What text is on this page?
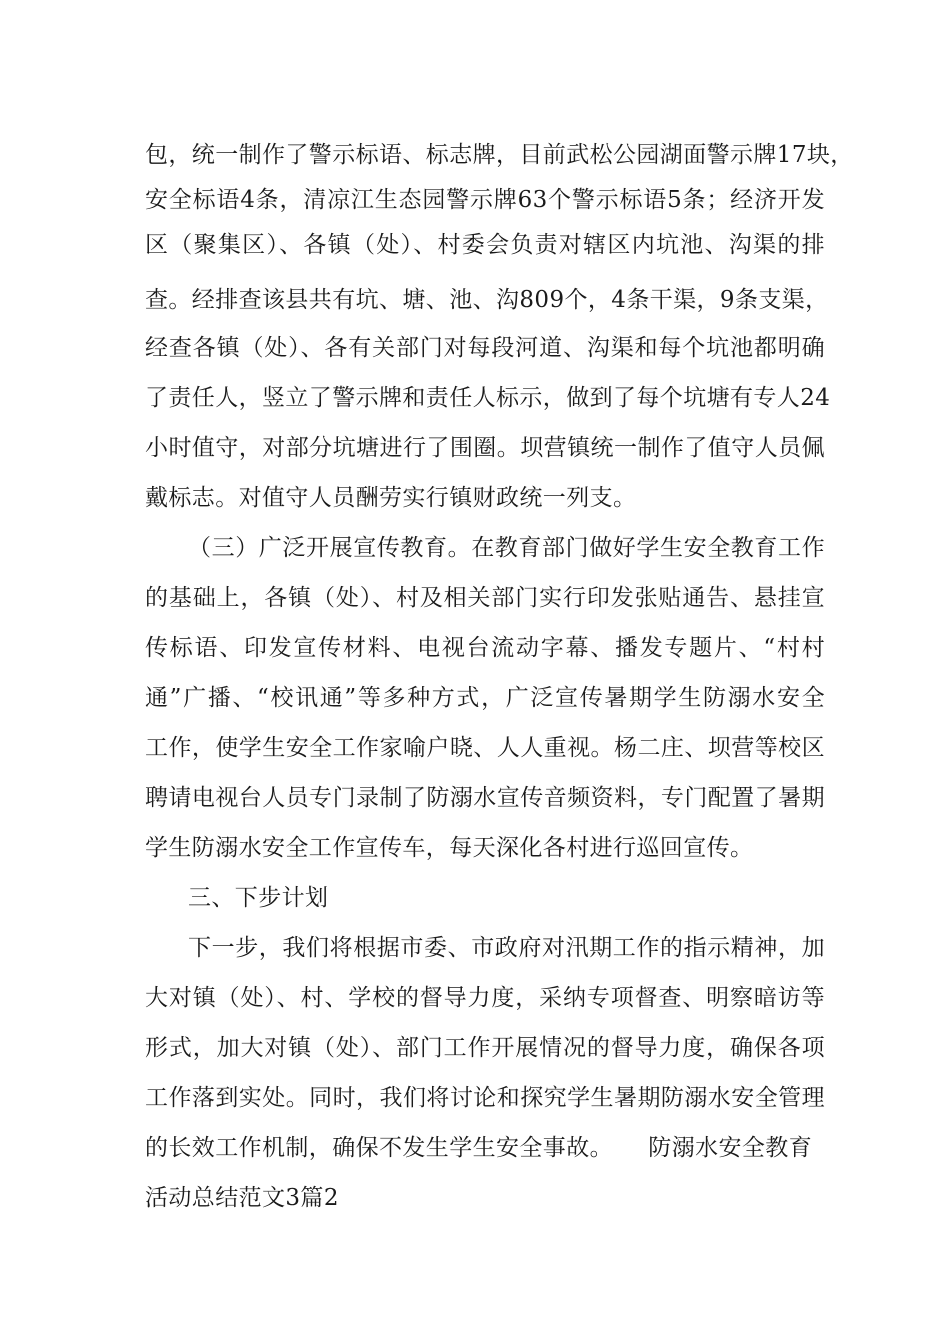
包，统一制作了警示标语、标志牌，目前武松公园湖面警示牌17块，
安全标语4条，清凉江生态园警示牌63个警示标语5条；经济开发
区（聚集区）、各镇（处）、村委会负责对辖区内坑池、沟渠的排
查。经排查该县共有坑、塘、池、沟809个，4条干渠，9条支渠，
经查各镇（处）、各有关部门对每段河道、沟渠和每个坑池都明确
了责任人，竖立了警示牌和责任人标示，做到了每个坑塘有专人24
小时值守，对部分坑塘进行了围圈。坝营镇统一制作了值守人员佩
戴标志。对值守人员酬劳实行镇财政统一列支。
（三）广泛开展宣传教育。在教育部门做好学生安全教育工作
的基础上，各镇（处）、村及相关部门实行印发张贴通告、悬挂宣
传标语、印发宣传材料、电视台流动字幕、播发专题片、“村村
通”广播、“校讯通”等多种方式，广泛宣传暑期学生防溺水安全
工作，使学生安全工作家喻户晓、人人重视。杨二庄、坝营等校区
聘请电视台人员专门录制了防溺水宣传音频资料，专门配置了暑期
学生防溺水安全工作宣传车，每天深化各村进行巡回宣传。
三、下步计划
下一步，我们将根据市委、市政府对汛期工作的指示精神，加
大对镇（处）、村、学校的督导力度，采纳专项督查、明察暗访等
形式，加大对镇（处）、部门工作开展情况的督导力度，确保各项
工作落到实处。同时，我们将讨论和探究学生暑期防溺水安全管理
的长效工作机制，确保不发生学生安全事故。　　防溺水安全教育
活动总结范文3篇2
